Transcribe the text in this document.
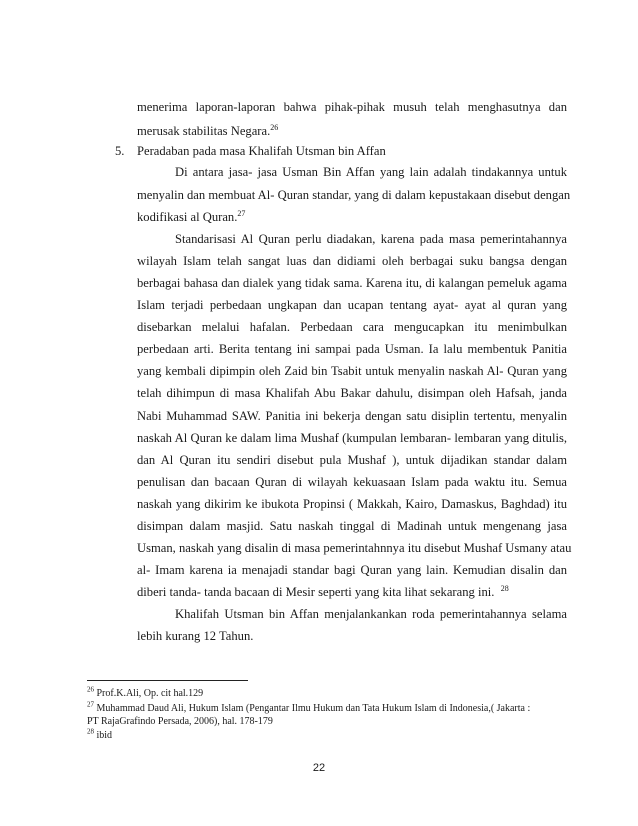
menerima laporan-laporan bahwa pihak-pihak musuh telah menghasutnya dan
merusak stabilitas Negara.$^{26}$
5. Peradaban pada masa Khalifah Utsman bin Affan
Di antara jasa- jasa Usman Bin Affan yang lain adalah tindakannya untuk
menyalin dan membuat Al- Quran standar, yang di dalam kepustakaan disebut dengan
kodifikasi al Quran.$^{27}$
Standarisasi Al Quran perlu diadakan, karena pada masa pemerintahannya
wilayah Islam telah sangat luas dan didiami oleh berbagai suku bangsa dengan
berbagai bahasa dan dialek yang tidak sama. Karena itu, di kalangan pemeluk agama
Islam terjadi perbedaan ungkapan dan ucapan tentang ayat- ayat al quran yang
disebarkan melalui hafalan. Perbedaan cara mengucapkan itu menimbulkan
perbedaan arti. Berita tentang ini sampai pada Usman. Ia lalu membentuk Panitia
yang kembali dipimpin oleh Zaid bin Tsabit untuk menyalin naskah Al- Quran yang
telah dihimpun di masa Khalifah Abu Bakar dahulu, disimpan oleh Hafsah, janda
Nabi Muhammad SAW. Panitia ini bekerja dengan satu disiplin tertentu, menyalin
naskah Al Quran ke dalam lima Mushaf (kumpulan lembaran- lembaran yang ditulis,
dan Al Quran itu sendiri disebut pula Mushaf ), untuk dijadikan standar dalam
penulisan dan bacaan Quran di wilayah kekuasaan Islam pada waktu itu. Semua
naskah yang dikirim ke ibukota Propinsi ( Makkah, Kairo, Damaskus, Baghdad) itu
disimpan dalam masjid. Satu naskah tinggal di Madinah untuk mengenang jasa
Usman, naskah yang disalin di masa pemerintahnnya itu disebut Mushaf Usmany atau
al- Imam karena ia menajadi standar bagi Quran yang lain. Kemudian disalin dan
diberi tanda- tanda bacaan di Mesir seperti yang kita lihat sekarang ini. $^{28}$
Khalifah Utsman bin Affan menjalankankan roda pemerintahannya selama
lebih kurang 12 Tahun.
$^{26}$ Prof.K.Ali, Op. cit hal.129
$^{27}$ Muhammad Daud Ali, Hukum Islam (Pengantar Ilmu Hukum dan Tata Hukum Islam di Indonesia,( Jakarta :
PT RajaGrafindo Persada, 2006), hal. 178-179
$^{28}$ ibid
22
